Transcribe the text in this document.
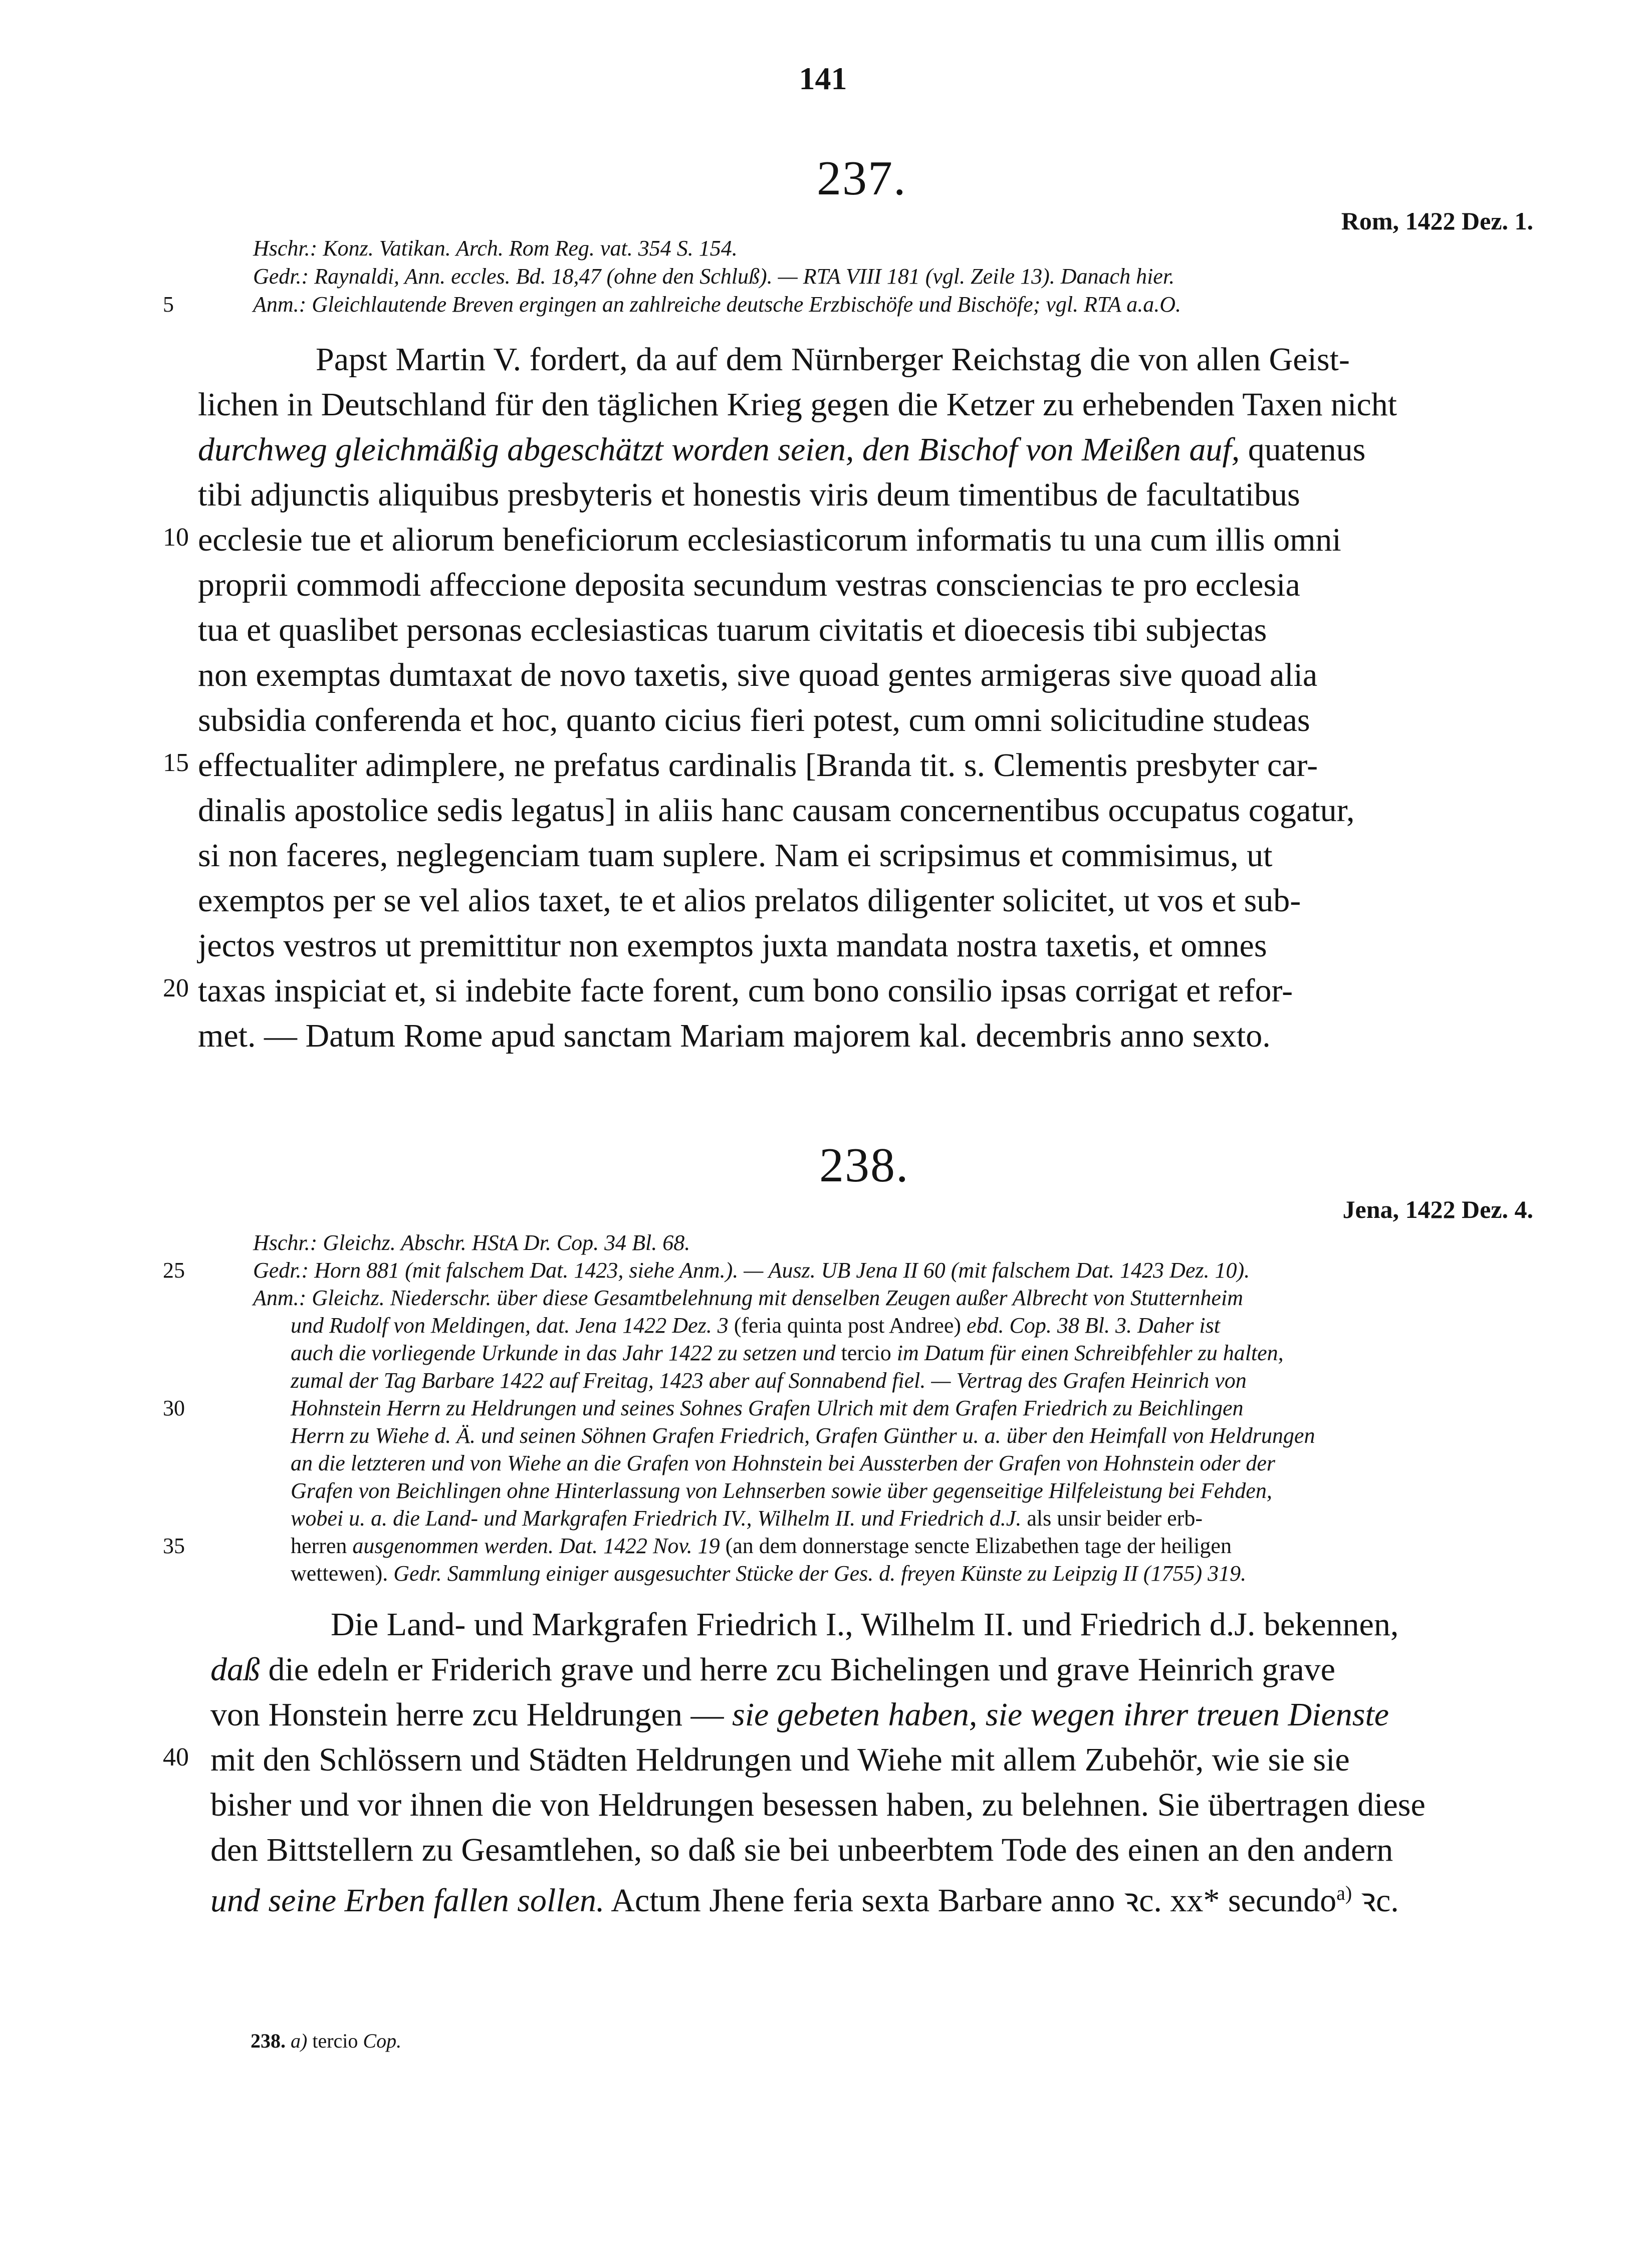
141
237.
Rom, 1422 Dez. 1.
Hschr.: Konz. Vatikan. Arch. Rom Reg. vat. 354 S. 154.
Gedr.: Raynaldi, Ann. eccles. Bd. 18,47 (ohne den Schluß). — RTA VIII 181 (vgl. Zeile 13). Danach hier.
5	Anm.: Gleichlautende Breven ergingen an zahlreiche deutsche Erzbischöfe und Bischöfe; vgl. RTA a.a.O.
Papst Martin V. fordert, da auf dem Nürnberger Reichstag die von allen Geist-
lichen in Deutschland für den täglichen Krieg gegen die Ketzer zu erhebenden Taxen nicht
durchweg gleichmäßig abgeschätzt worden seien, den Bischof von Meißen auf, quatenus
tibi adjunctis aliquibus presbyteris et honestis viris deum timentibus de facultatibus
10 ecclesie tue et aliorum beneficiorum ecclesiasticorum informatis tu una cum illis omni
proprii commodi affeccione deposita secundum vestras consciencias te pro ecclesia
tua et quaslibet personas ecclesiasticas tuarum civitatis et dioecesis tibi subjectas
non exemptas dumtaxat de novo taxetis, sive quoad gentes armigeras sive quoad alia
subsidia conferenda et hoc, quanto cicius fieri potest, cum omni solicitudine studeas
15 effectualiter adimplere, ne prefatus cardinalis [Branda tit. s. Clementis presbyter car-
dinalis apostolice sedis legatus] in aliis hanc causam concernentibus occupatus cogatur,
si non faceres, neglegenciam tuam suplere. Nam ei scripsimus et commisimus, ut
exemptos per se vel alios taxet, te et alios prelatos diligenter solicitet, ut vos et sub-
jectos vestros ut premittitur non exemptos juxta mandata nostra taxetis, et omnes
20 taxas inspiciat et, si indebite facte forent, cum bono consilio ipsas corrigat et refor-
met. — Datum Rome apud sanctam Mariam majorem kal. decembris anno sexto.
238.
Jena, 1422 Dez. 4.
Hschr.: Gleichz. Abschr. HStA Dr. Cop. 34 Bl. 68.
25	Gedr.: Horn 881 (mit falschem Dat. 1423, siehe Anm.). — Ausz. UB Jena II 60 (mit falschem Dat. 1423 Dez. 10).
Anm.: Gleichz. Niederschr. über diese Gesamtbelehnung mit denselben Zeugen außer Albrecht von Stutternheim
und Rudolf von Meldingen, dat. Jena 1422 Dez. 3 (feria quinta post Andree) ebd. Cop. 38 Bl. 3. Daher ist
auch die vorliegende Urkunde in das Jahr 1422 zu setzen und tercio im Datum für einen Schreibfehler zu halten,
zumal der Tag Barbare 1422 auf Freitag, 1423 aber auf Sonnabend fiel. — Vertrag des Grafen Heinrich von
30	Hohnstein Herrn zu Heldrungen und seines Sohnes Grafen Ulrich mit dem Grafen Friedrich zu Beichlingen
Herrn zu Wiehe d. Ä. und seinen Söhnen Grafen Friedrich, Grafen Günther u. a. über den Heimfall von Heldrungen
an die letzteren und von Wiehe an die Grafen von Hohnstein bei Aussterben der Grafen von Hohnstein oder der
Grafen von Beichlingen ohne Hinterlassung von Lehnserben sowie über gegenseitige Hilfeleistung bei Fehden,
wobei u. a. die Land- und Markgrafen Friedrich IV., Wilhelm II. und Friedrich d.J. als unsir beider erb-
35	herren ausgenommen werden. Dat. 1422 Nov. 19 (an dem donnerstage sencte Elizabethen tage der heiligen
wettewen). Gedr. Sammlung einiger ausgesuchter Stücke der Ges. d. freyen Künste zu Leipzig II (1755) 319.
Die Land- und Markgrafen Friedrich I., Wilhelm II. und Friedrich d.J. bekennen,
daß die edeln er Friderich grave und herre zcu Bichelingen und grave Heinrich grave
von Honstein herre zcu Heldrungen — sie gebeten haben, sie wegen ihrer treuen Dienste
40 mit den Schlössern und Städten Heldrungen und Wiehe mit allem Zubehör, wie sie sie
bisher und vor ihnen die von Heldrungen besessen haben, zu belehnen. Sie übertragen diese
den Bittstellern zu Gesamtlehen, so daß sie bei unbeerbtem Tode des einen an den andern
und seine Erben fallen sollen. Actum Jhene feria sexta Barbare anno ꝛc. xx* secundo$^{a)}$ ꝛc.
238. a) tercio Cop.
